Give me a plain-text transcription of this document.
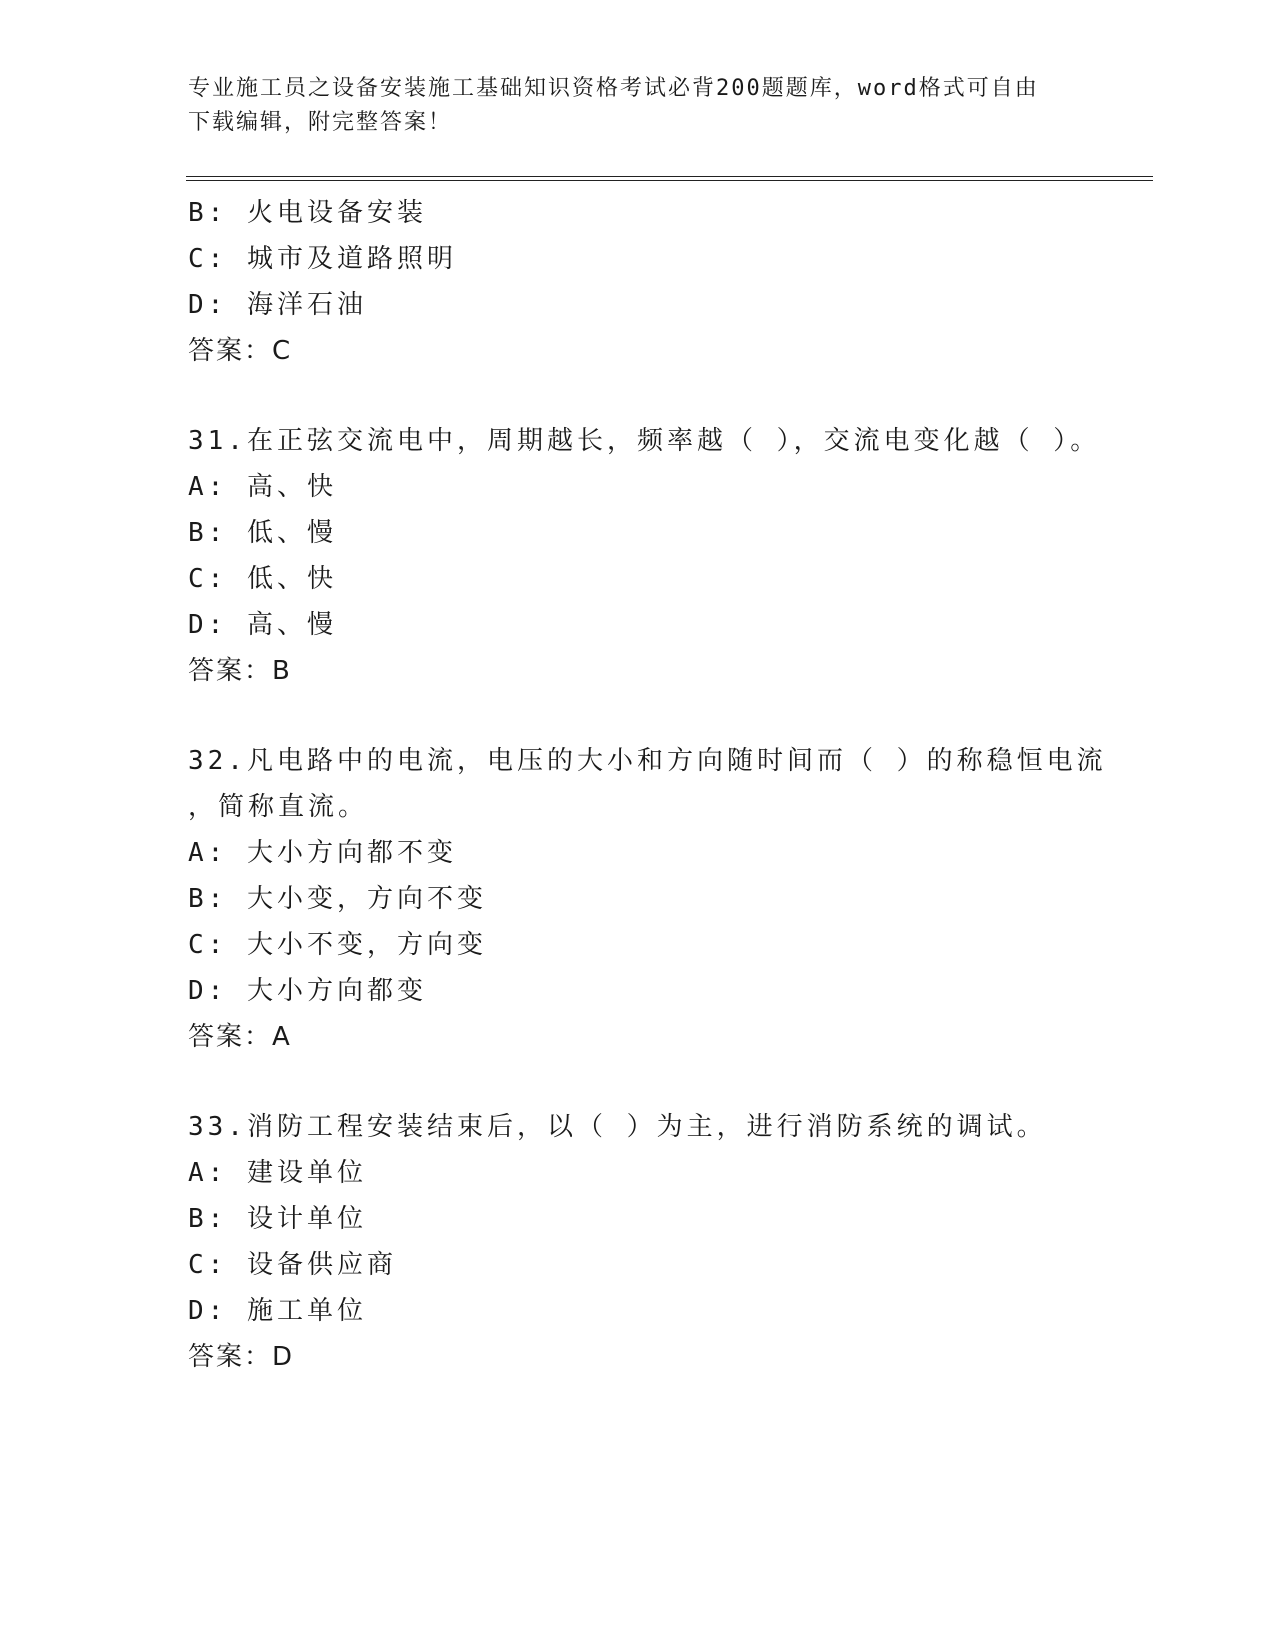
专业施工员之设备安装施工基础知识资格考试必背200题题库，word格式可自由
下载编辑，附完整答案！
B: 火电设备安装
C: 城市及道路照明
D: 海洋石油
答案：C
31.在正弦交流电中，周期越长，频率越（ ），交流电变化越（ ）。
A: 高、快
B: 低、慢
C: 低、快
D: 高、慢
答案：B
32.凡电路中的电流，电压的大小和方向随时间而（ ）的称稳恒电流
，简称直流。
A: 大小方向都不变
B: 大小变，方向不变
C: 大小不变，方向变
D: 大小方向都变
答案：A
33.消防工程安装结束后，以（ ）为主，进行消防系统的调试。
A: 建设单位
B: 设计单位
C: 设备供应商
D: 施工单位
答案：D
